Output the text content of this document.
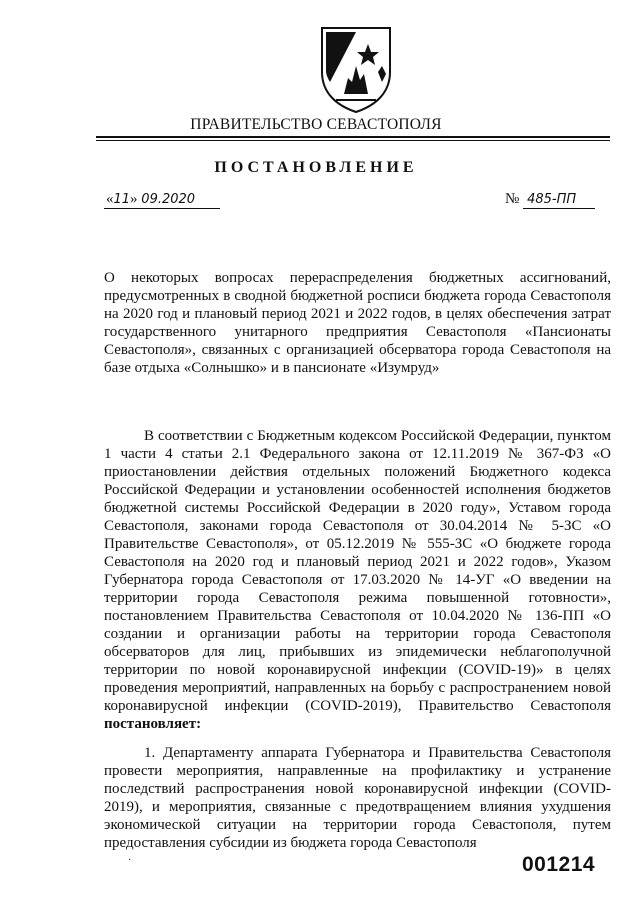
ПРАВИТЕЛЬСТВО СЕВАСТОПОЛЯ
ПОСТАНОВЛЕНИЕ
«11» 09.2020	№ 485-ПП
О некоторых вопросах перераспределения бюджетных ассигнований, предусмотренных в сводной бюджетной росписи бюджета города Севастополя на 2020 год и плановый период 2021 и 2022 годов, в целях обеспечения затрат государственного унитарного предприятия Севастополя «Пансионаты Севастополя», связанных с организацией обсерватора города Севастополя на базе отдыха «Солнышко» и в пансионате «Изумруд»
В соответствии с Бюджетным кодексом Российской Федерации, пунктом 1 части 4 статьи 2.1 Федерального закона от 12.11.2019 № 367-ФЗ «О приостановлении действия отдельных положений Бюджетного кодекса Российской Федерации и установлении особенностей исполнения бюджетов бюджетной системы Российской Федерации в 2020 году», Уставом города Севастополя, законами города Севастополя от 30.04.2014 № 5-ЗС «О Правительстве Севастополя», от 05.12.2019 № 555-ЗС «О бюджете города Севастополя на 2020 год и плановый период 2021 и 2022 годов», Указом Губернатора города Севастополя от 17.03.2020 № 14-УГ «О введении на территории города Севастополя режима повышенной готовности», постановлением Правительства Севастополя от 10.04.2020 № 136-ПП «О создании и организации работы на территории города Севастополя обсерваторов для лиц, прибывших из эпидемически неблагополучной территории по новой коронавирусной инфекции (COVID-19)» в целях проведения мероприятий, направленных на борьбу с распространением новой коронавирусной инфекции (COVID-2019), Правительство Севастополя постановляет:
1. Департаменту аппарата Губернатора и Правительства Севастополя провести мероприятия, направленные на профилактику и устранение последствий распространения новой коронавирусной инфекции (COVID-2019), и мероприятия, связанные с предотвращением влияния ухудшения экономической ситуации на территории города Севастополя, путем предоставления субсидии из бюджета города Севастополя
·	001214
